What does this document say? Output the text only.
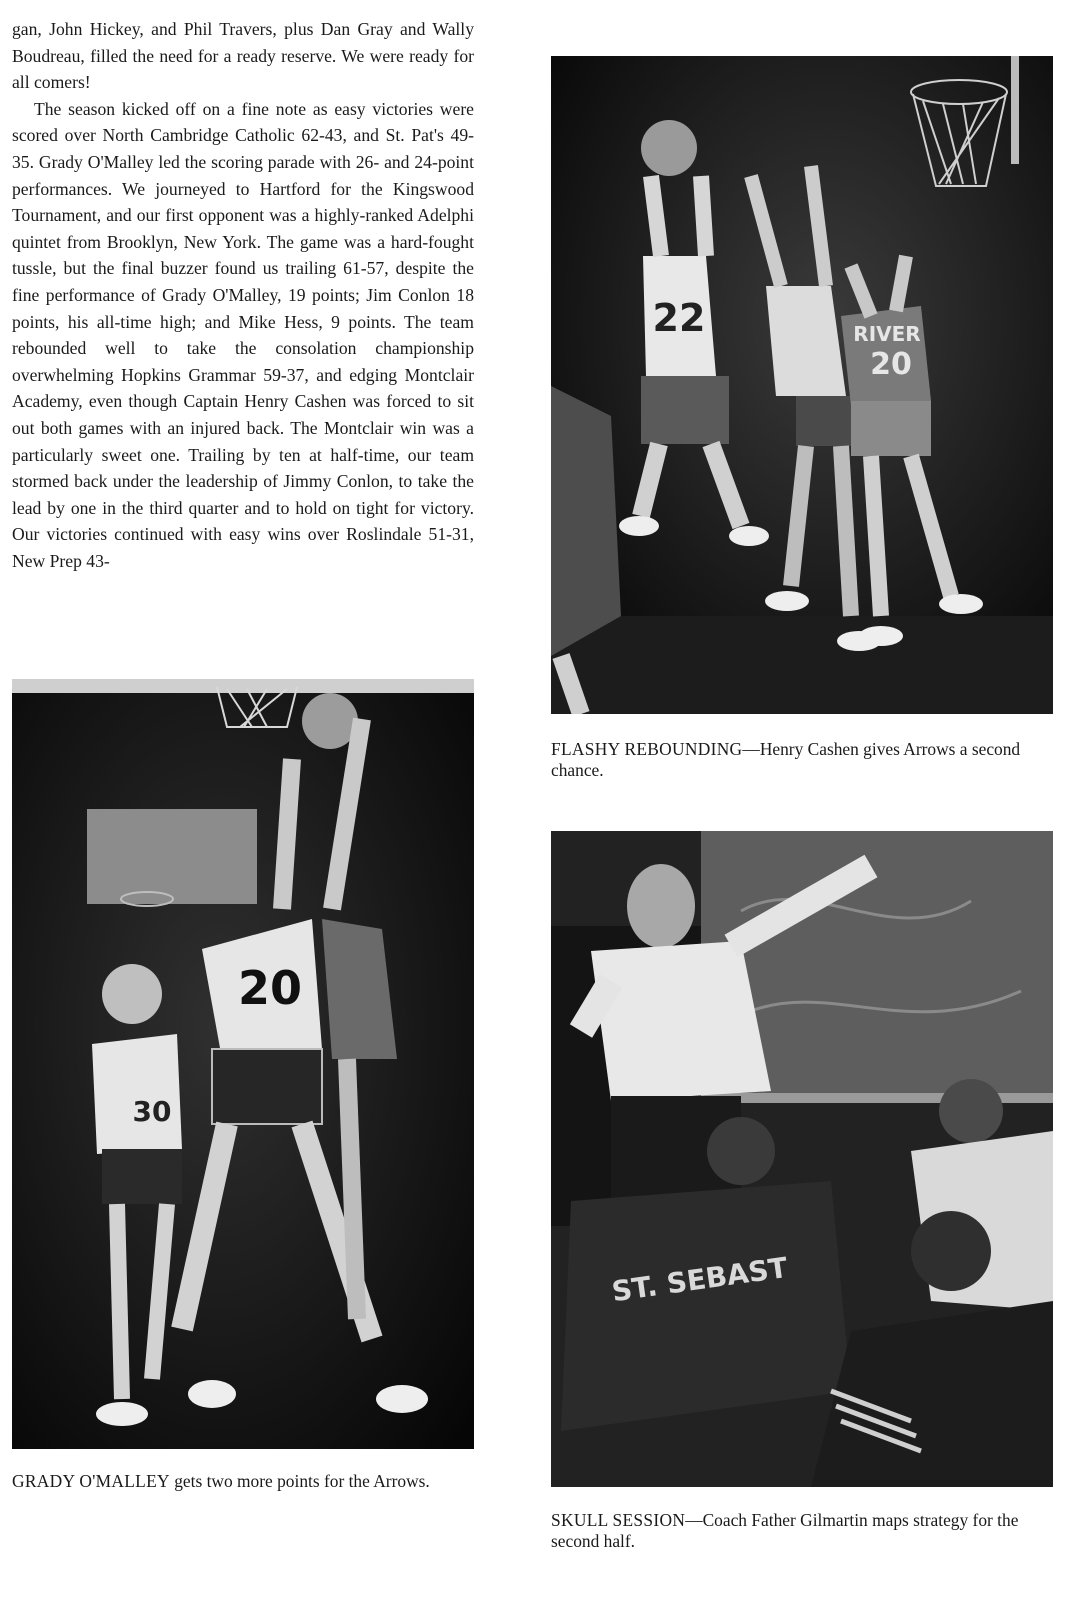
gan, John Hickey, and Phil Travers, plus Dan Gray and Wally Boudreau, filled the need for a ready reserve. We were ready for all comers!

The season kicked off on a fine note as easy victories were scored over North Cambridge Catholic 62-43, and St. Pat's 49-35. Grady O'Malley led the scoring parade with 26- and 24-point performances. We journeyed to Hartford for the Kingswood Tournament, and our first opponent was a highly-ranked Adelphi quintet from Brooklyn, New York. The game was a hard-fought tussle, but the final buzzer found us trailing 61-57, despite the fine performance of Grady O'Malley, 19 points; Jim Conlon 18 points, his all-time high; and Mike Hess, 9 points. The team rebounded well to take the consolation championship overwhelming Hopkins Grammar 59-37, and edging Montclair Academy, even though Captain Henry Cashen was forced to sit out both games with an injured back. The Montclair win was a particularly sweet one. Trailing by ten at half-time, our team stormed back under the leadership of Jimmy Conlon, to take the lead by one in the third quarter and to hold on tight for victory. Our victories continued with easy wins over Roslindale 51-31, New Prep 43-

22	RIVER
20

FLASHY REBOUNDING—Henry Cashen gives Arrows a second chance.

20
30

GRADY O'MALLEY gets two more points for the Arrows.

ST. SEBAST

SKULL SESSION—Coach Father Gilmartin maps strategy for the second half.
